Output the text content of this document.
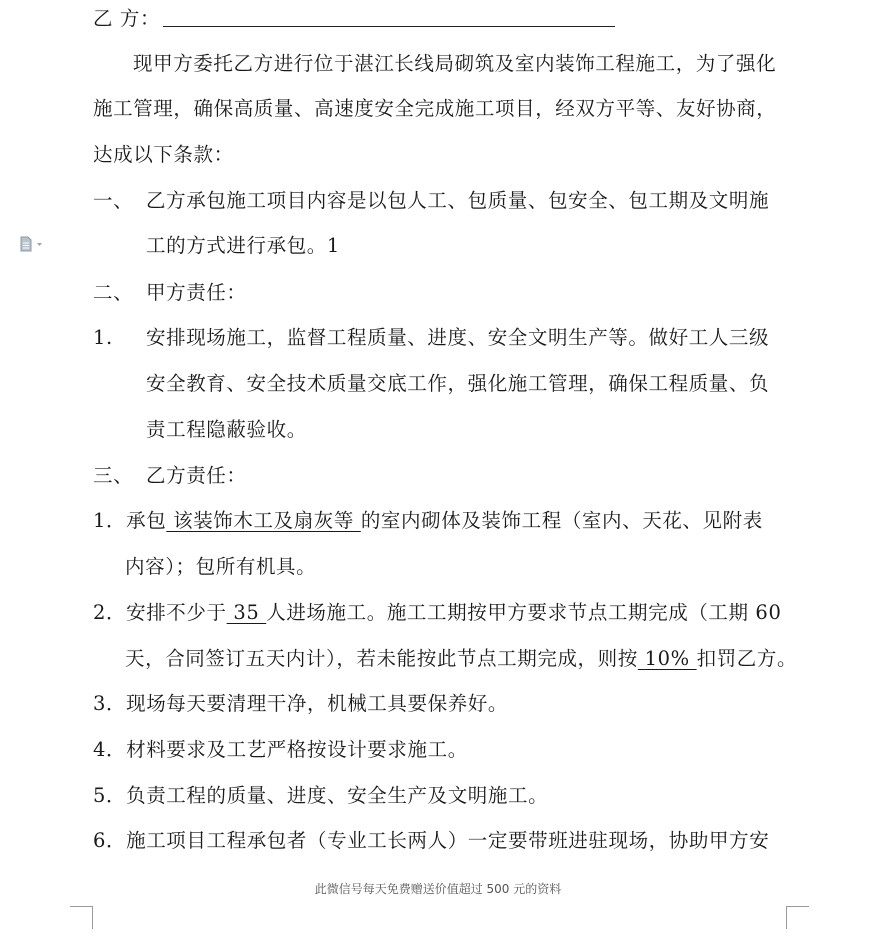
乙 方：
现甲方委托乙方进行位于湛江长线局砌筑及室内装饰工程施工，为了强化
施工管理，确保高质量、高速度安全完成施工项目，经双方平等、友好协商，
达成以下条款：
一、 乙方承包施工项目内容是以包人工、包质量、包安全、包工期及文明施
工的方式进行承包。1
二、 甲方责任：
1. 安排现场施工，监督工程质量、进度、安全文明生产等。做好工人三级
安全教育、安全技术质量交底工作，强化施工管理，确保工程质量、负
责工程隐蔽验收。
三、 乙方责任：
1．承包 该装饰木工及扇灰等 的室内砌体及装饰工程（室内、天花、见附表
内容）；包所有机具。
2．安排不少于 35 人进场施工。施工工期按甲方要求节点工期完成（工期 60
天，合同签订五天内计），若未能按此节点工期完成，则按 10% 扣罚乙方。
3．现场每天要清理干净，机械工具要保养好。
4．材料要求及工艺严格按设计要求施工。
5．负责工程的质量、进度、安全生产及文明施工。
6．施工项目工程承包者（专业工长两人）一定要带班进驻现场，协助甲方安
此微信号每天免费赠送价值超过 500 元的资料
